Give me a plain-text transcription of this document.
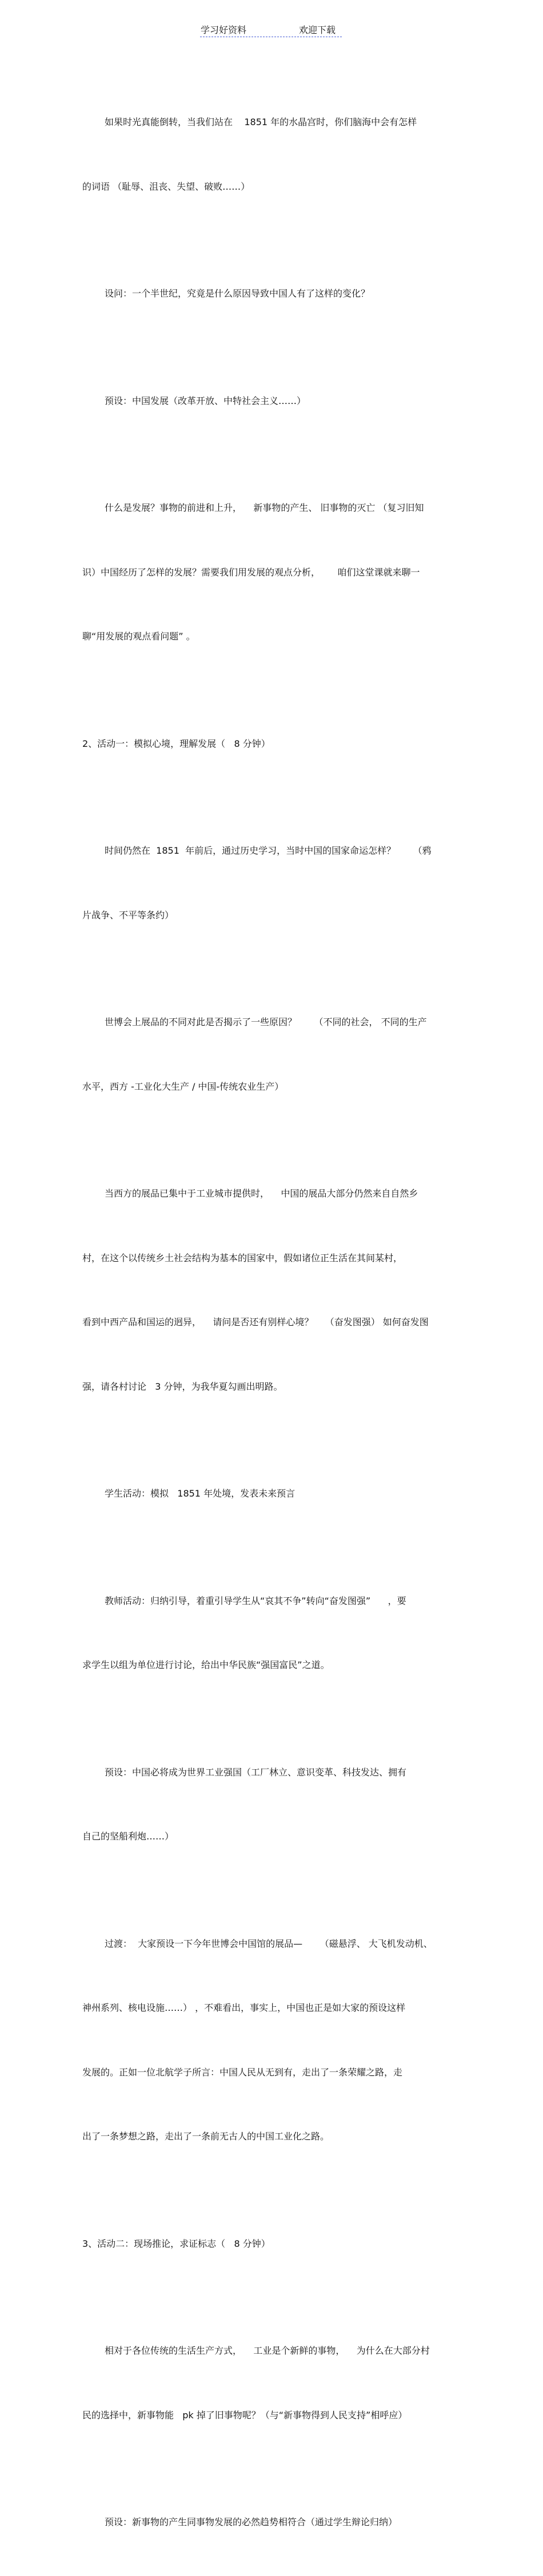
学习好资料	欢迎下载

如果时光真能倒转，当我们站在    1851 年的水晶宫时，你们脑海中会有怎样

的词语 （耻辱、沮丧、失望、破败……）

设问：一个半世纪，究竟是什么原因导致中国人有了这样的变化？

预设：中国发展（改革开放、中特社会主义……）

什么是发展？事物的前进和上升，    新事物的产生、 旧事物的灭亡 （复习旧知

识）中国经历了怎样的发展？需要我们用发展的观点分析，      咱们这堂课就来聊一

聊“用发展的观点看问题” 。

2、活动一：模拟心境，理解发展（   8 分钟）

时间仍然在  1851  年前后，通过历史学习，当时中国的国家命运怎样？      （鸦

片战争、不平等条约）

世博会上展品的不同对此是否揭示了一些原因？      （不同的社会， 不同的生产

水平，西方 -工业化大生产 / 中国-传统农业生产）

当西方的展品已集中于工业城市提供时，    中国的展品大部分仍然来自自然乡

村，在这个以传统乡土社会结构为基本的国家中，假如诸位正生活在其间某村，

看到中西产品和国运的迥异，    请问是否还有别样心境？    （奋发图强） 如何奋发图

强，请各村讨论   3 分钟，为我华夏勾画出明路。

学生活动：模拟   1851 年处境，发表未来预言

教师活动：归纳引导，着重引导学生从“哀其不争”转向“奋发图强”      ，要

求学生以组为单位进行讨论，给出中华民族“强国富民”之道。

预设：中国必将成为世界工业强国（工厂林立、意识变革、科技发达、拥有

自己的坚船利炮……）

过渡：  大家预设一下今年世博会中国馆的展品—      （磁悬浮、 大飞机发动机、

神州系列、核电设施……） ，不难看出，事实上，中国也正是如大家的预设这样

发展的。正如一位北航学子所言：中国人民从无到有，走出了一条荣耀之路，走

出了一条梦想之路，走出了一条前无古人的中国工业化之路。

3、活动二：现场推论，求证标志（   8 分钟）

相对于各位传统的生活生产方式，    工业是个新鲜的事物，    为什么在大部分村

民的选择中，新事物能   pk 掉了旧事物呢？（与“新事物得到人民支持”相呼应）

预设：新事物的产生同事物发展的必然趋势相符合（通过学生辩论归纳）
